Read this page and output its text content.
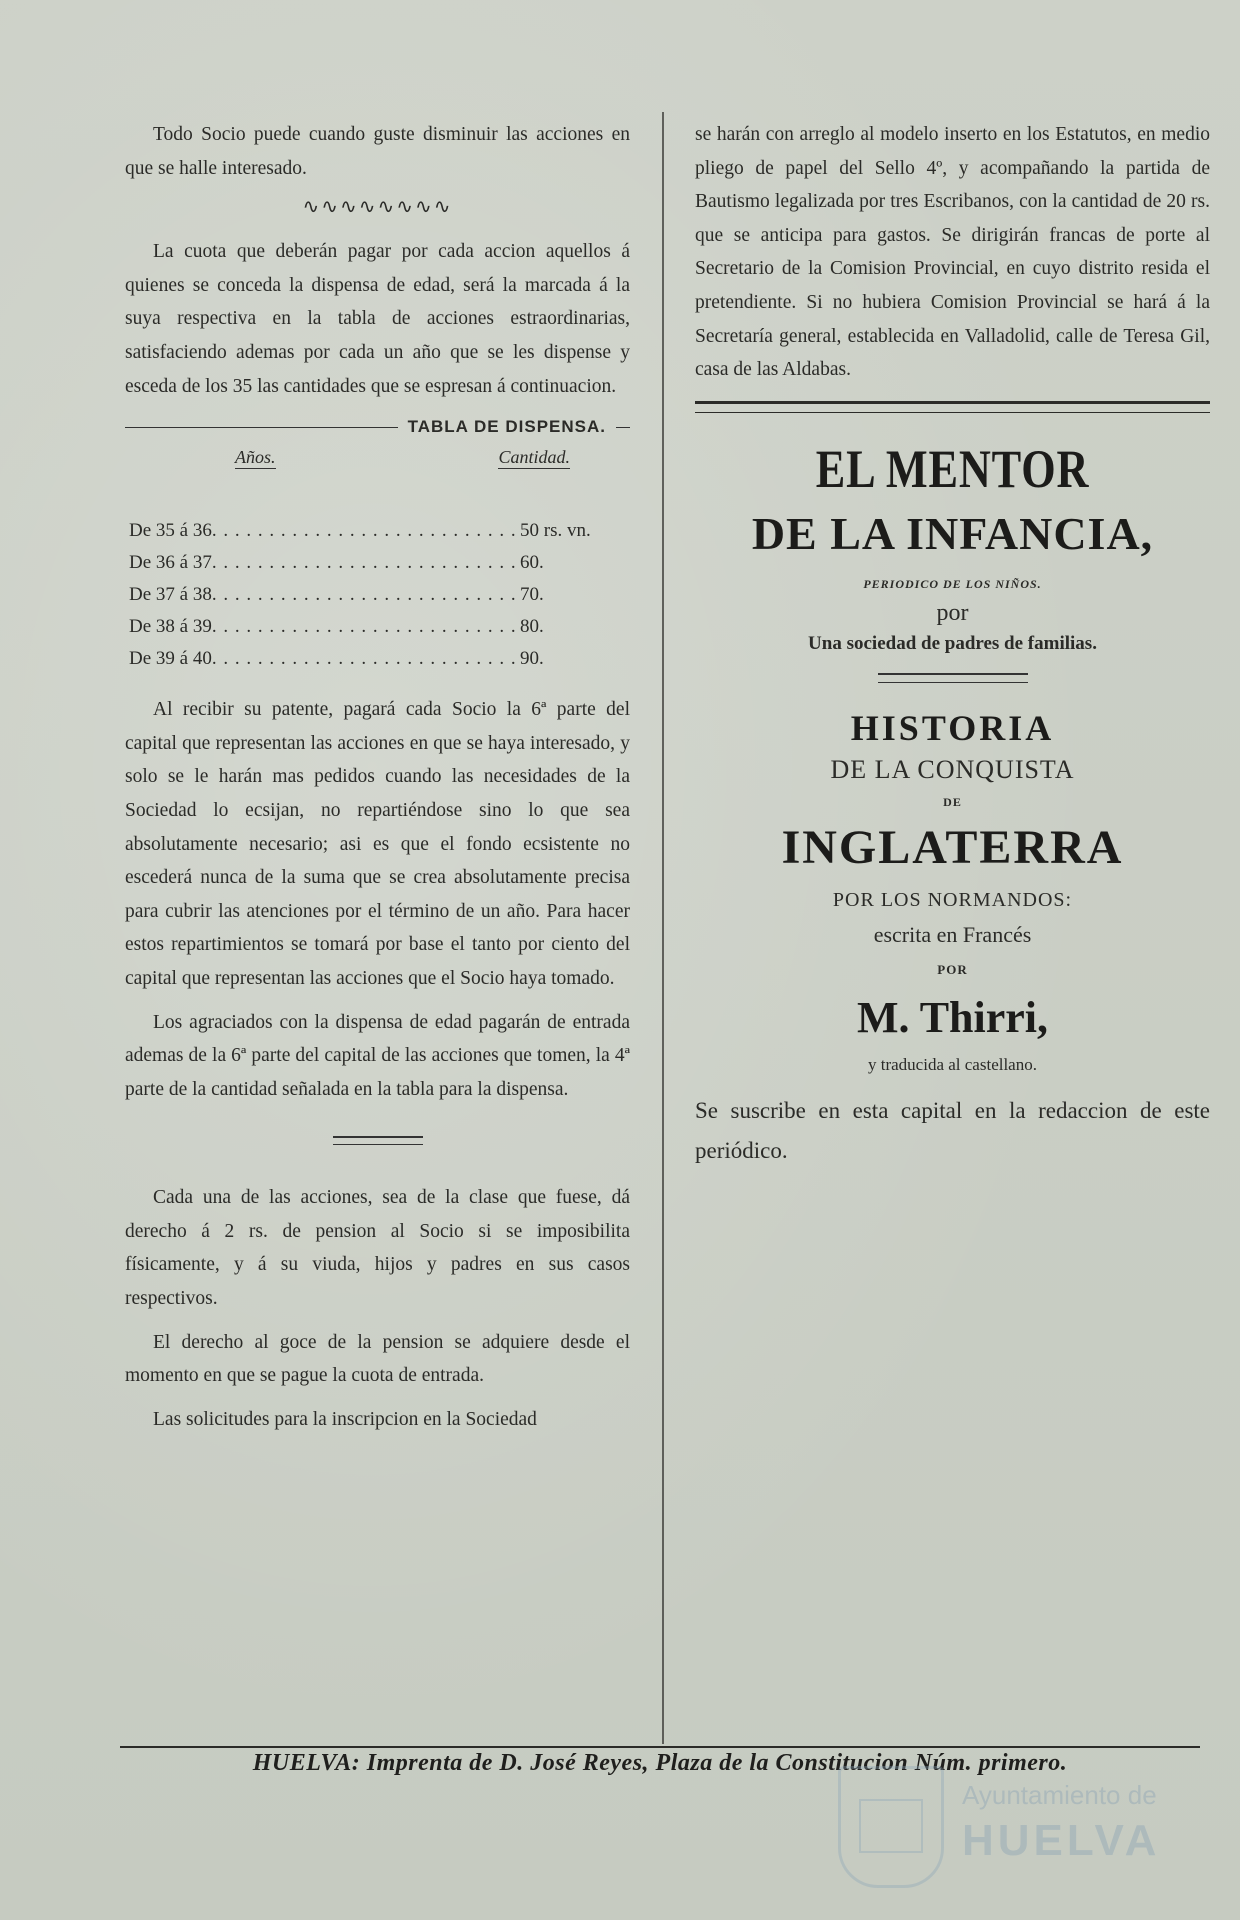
Todo Socio puede cuando guste disminuir las acciones en que se halle interesado.

∿∿∿∿∿∿∿∿

La cuota que deberán pagar por cada accion aquellos á quienes se conceda la dispensa de edad, será la marcada á la suya respectiva en la tabla de acciones estraordinarias, satisfaciendo ademas por cada un año que se les dispense y esceda de los 35 las cantidades que se espresan á continuacion.

TABLA DE DISPENSA.
Años.	Cantidad.
De 35 á 36 . . .	50 rs. vn.
De 36 á 37 . . .	60.
De 37 á 38 . . .	70.
De 38 á 39 . . .	80.
De 39 á 40 . . .	90.

Al recibir su patente, pagará cada Socio la 6ª parte del capital que representan las acciones en que se haya interesado, y solo se le harán mas pedidos cuando las necesidades de la Sociedad lo ecsijan, no repartiéndose sino lo que sea absolutamente necesario; asi es que el fondo ecsistente no escederá nunca de la suma que se crea absolutamente precisa para cubrir las atenciones por el término de un año. Para hacer estos repartimientos se tomará por base el tanto por ciento del capital que representan las acciones que el Socio haya tomado.

Los agraciados con la dispensa de edad pagarán de entrada ademas de la 6ª parte del capital de las acciones que tomen, la 4ª parte de la cantidad señalada en la tabla para la dispensa.

Cada una de las acciones, sea de la clase que fuese, dá derecho á 2 rs. de pension al Socio si se imposibilita físicamente, y á su viuda, hijos y padres en sus casos respectivos.

El derecho al goce de la pension se adquiere desde el momento en que se pague la cuota de entrada.

Las solicitudes para la inscripcion en la Sociedad

se harán con arreglo al modelo inserto en los Estatutos, en medio pliego de papel del Sello 4º, y acompañando la partida de Bautismo legalizada por tres Escribanos, con la cantidad de 20 rs. que se anticipa para gastos. Se dirigirán francas de porte al Secretario de la Comision Provincial, en cuyo distrito resida el pretendiente. Si no hubiera Comision Provincial se hará á la Secretaría general, establecida en Valladolid, calle de Teresa Gil, casa de las Aldabas.

EL MENTOR
DE LA INFANCIA,
PERIODICO DE LOS NIÑOS.
por
Una sociedad de padres de familias.
HISTORIA
DE LA CONQUISTA
DE
INGLATERRA
POR LOS NORMANDOS:
escrita en Francés
POR
M. Thirri,
y traducida al castellano.
Se suscribe en esta capital en la redaccion de este periódico.
HUELVA: Imprenta de D. José Reyes, Plaza de la Constitucion Núm. primero.
Ayuntamiento de
HUELVA
